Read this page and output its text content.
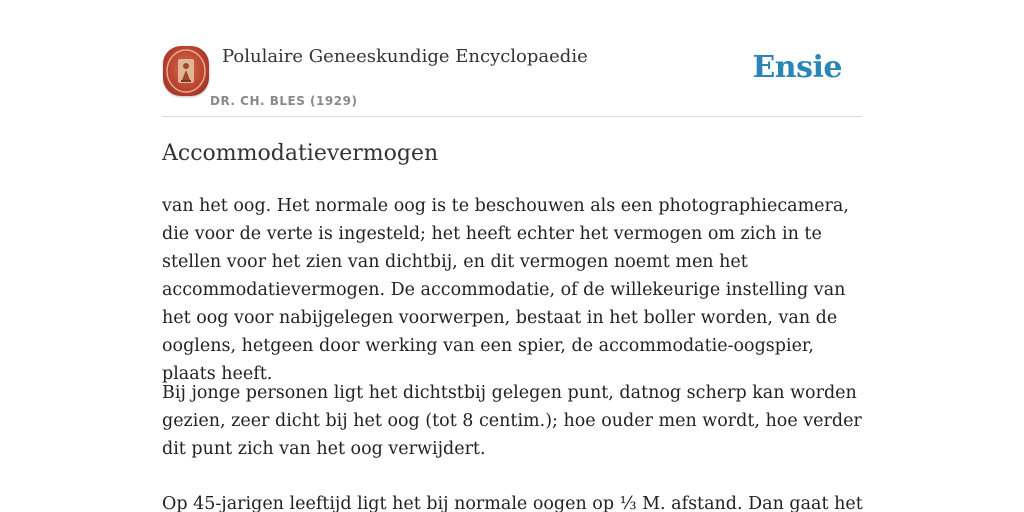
Polulaire Geneeskundige Encyclopaedie
DR. CH. BLES (1929)
Ensie
Accommodatievermogen

van het oog. Het normale oog is te beschouwen als een photographiecamera, die voor de verte is ingesteld; het heeft echter het vermogen om zich in te stellen voor het zien van dichtbij, en dit vermogen noemt men het accommodatievermogen. De accommodatie, of de willekeurige instelling van het oog voor nabijgelegen voorwerpen, bestaat in het boller worden, van de ooglens, hetgeen door werking van een spier, de accommodatie-oogspier, plaats heeft.

Bij jonge personen ligt het dichtstbij gelegen punt, datnog scherp kan worden gezien, zeer dicht bij het oog (tot 8 centim.); hoe ouder men wordt, hoe verder dit punt zich van het oog verwijdert.

Op 45-jarigen leeftijd ligt het bij normale oogen op ⅓ M. afstand. Dan gaat het
